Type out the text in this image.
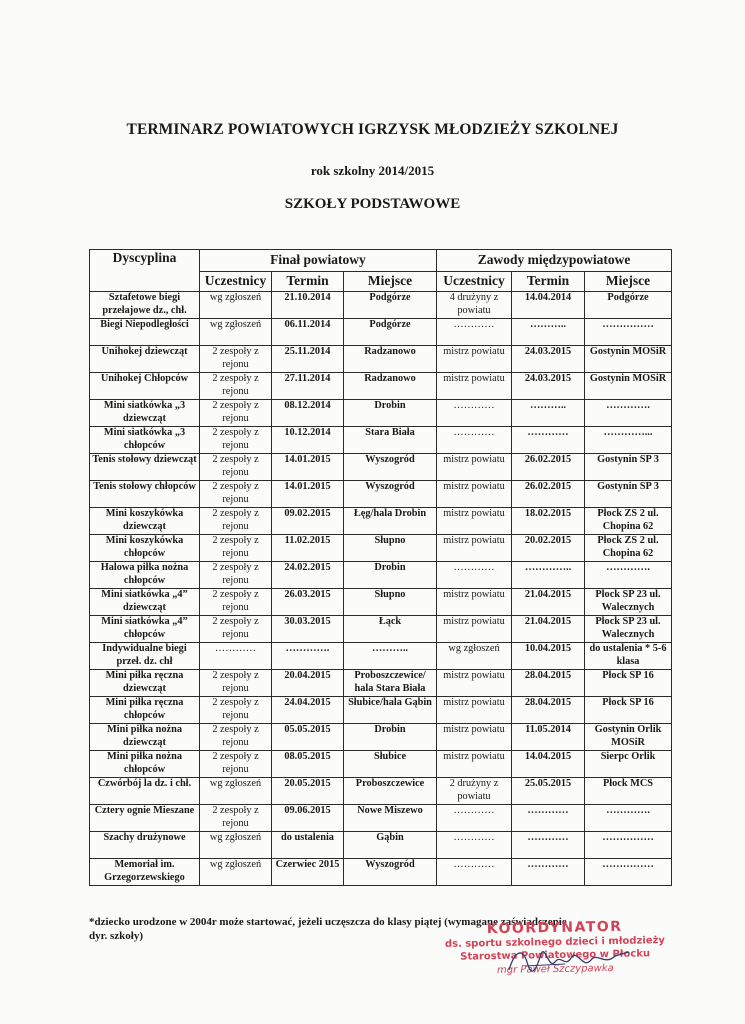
TERMINARZ POWIATOWYCH IGRZYSK MŁODZIEŻY SZKOLNEJ
rok szkolny 2014/2015
SZKOŁY PODSTAWOWE
Dyscyplina	Finał powiatowy			Zawody międzypowiatowe		
	Uczestnicy	Termin	Miejsce	Uczestnicy	Termin	Miejsce
Sztafetowe biegi przełajowe dz., chł.	wg zgłoszeń	21.10.2014	Podgórze	4 drużyny z powiatu	14.04.2014	Podgórze
Biegi Niepodległości	wg zgłoszeń	06.11.2014	Podgórze	…………	………..	……………
Unihokej dziewcząt	2 zespoły z rejonu	25.11.2014	Radzanowo	mistrz powiatu	24.03.2015	Gostynin MOSiR
Unihokej Chłopców	2 zespoły z rejonu	27.11.2014	Radzanowo	mistrz powiatu	24.03.2015	Gostynin MOSiR
Mini siatkówka „3 dziewcząt	2 zespoły z rejonu	08.12.2014	Drobin	…………	………..	………….
Mini siatkówka „3 chłopców	2 zespoły z rejonu	10.12.2014	Stara Biała	…………	…………	…………...
Tenis stołowy dziewcząt	2 zespoły z rejonu	14.01.2015	Wyszogród	mistrz powiatu	26.02.2015	Gostynin SP 3
Tenis stołowy chłopców	2 zespoły z rejonu	14.01.2015	Wyszogród	mistrz powiatu	26.02.2015	Gostynin SP 3
Mini koszykówka dziewcząt	2 zespoły z rejonu	09.02.2015	Łęg/hala Drobin	mistrz powiatu	18.02.2015	Płock ZS 2 ul. Chopina 62
Mini koszykówka chłopców	2 zespoły z rejonu	11.02.2015	Słupno	mistrz powiatu	20.02.2015	Płock ZS 2 ul. Chopina 62
Halowa piłka nożna chłopców	2 zespoły z rejonu	24.02.2015	Drobin	…………	…………..	………….
Mini siatkówka „4” dziewcząt	2 zespoły z rejonu	26.03.2015	Słupno	mistrz powiatu	21.04.2015	Płock SP 23 ul. Walecznych
Mini siatkówka „4” chłopców	2 zespoły z rejonu	30.03.2015	Łąck	mistrz powiatu	21.04.2015	Płock SP 23 ul. Walecznych
Indywidualne biegi przeł. dz. chł	…………	………….	………..	wg zgłoszeń	10.04.2015	do ustalenia * 5-6 klasa
Mini piłka ręczna dziewcząt	2 zespoły z rejonu	20.04.2015	Proboszczewice/ hala Stara Biała	mistrz powiatu	28.04.2015	Płock SP 16
Mini piłka ręczna chłopców	2 zespoły z rejonu	24.04.2015	Słubice/hala Gąbin	mistrz powiatu	28.04.2015	Płock SP 16
Mini piłka nożna dziewcząt	2 zespoły z rejonu	05.05.2015	Drobin	mistrz powiatu	11.05.2014	Gostynin Orlik MOSiR
Mini piłka nożna chłopców	2 zespoły z rejonu	08.05.2015	Słubice	mistrz powiatu	14.04.2015	Sierpc Orlik
Czwórbój la dz. i chł.	wg zgłoszeń	20.05.2015	Proboszczewice	2 drużyny z powiatu	25.05.2015	Płock MCS
Cztery ognie Mieszane	2 zespoły z rejonu	09.06.2015	Nowe Miszewo	…………	…………	………….
Szachy drużynowe	wg zgłoszeń	do ustalenia	Gąbin	…………	…………	……………
Memoriał im. Grzegorzewskiego	wg zgłoszeń	Czerwiec 2015	Wyszogród	…………	…………	……………
*dziecko urodzone w 2004r może startować, jeżeli uczęszcza do klasy piątej (wymagane zaświadczenie
dyr. szkoły)	KOORDYNATOR
ds. sportu szkolnego dzieci i młodzieży
Starostwa Powiatowego w Płocku
mgr Paweł Szczypawka
